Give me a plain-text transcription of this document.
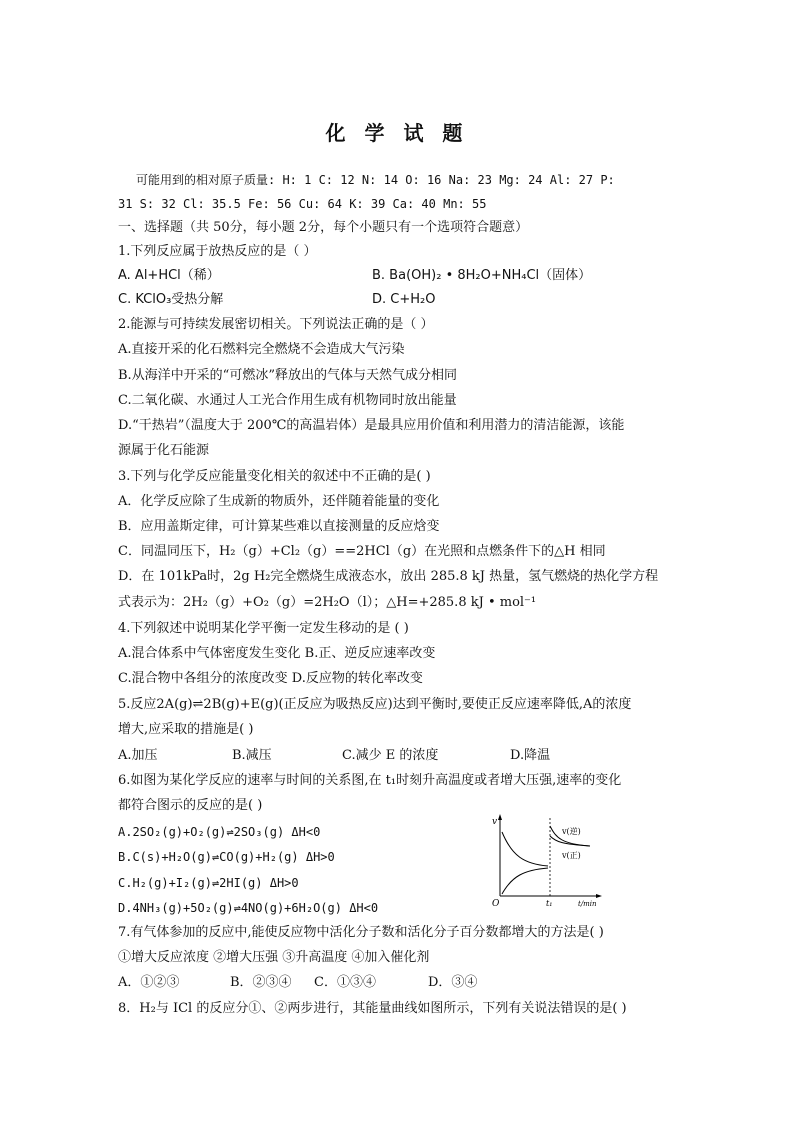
化 学 试 题
可能用到的相对原子质量: H: 1 C: 12 N: 14 O: 16 Na: 23 Mg: 24 Al: 27 P:
31 S: 32 Cl: 35.5 Fe: 56 Cu: 64 K: 39 Ca: 40 Mn: 55
一、选择题（共 50分，每小题 2分，每个小题只有一个选项符合题意）
1.下列反应属于放热反应的是（ ）
A. Al+HCl（稀）	B. Ba(OH)₂ • 8H₂O+NH₄Cl（固体）
C. KClO₃受热分解	D. C+H₂O
2.能源与可持续发展密切相关。下列说法正确的是（ ）
A.直接开采的化石燃料完全燃烧不会造成大气污染
B.从海洋中开采的“可燃冰”释放出的气体与天然气成分相同
C.二氧化碳、水通过人工光合作用生成有机物同时放出能量
D.“干热岩”（温度大于 200℃的高温岩体）是最具应用价值和利用潜力的清洁能源，该能
源属于化石能源
3.下列与化学反应能量变化相关的叙述中不正确的是( )
A．化学反应除了生成新的物质外，还伴随着能量的变化
B．应用盖斯定律，可计算某些难以直接测量的反应焓变
C．同温同压下，H₂（g）+Cl₂（g）==2HCl（g）在光照和点燃条件下的△H 相同
D．在 101kPa时，2g H₂完全燃烧生成液态水，放出 285.8 kJ 热量，氢气燃烧的热化学方程
式表示为：2H₂（g）+O₂（g）=2H₂O（l）；△H=+285.8 kJ • mol⁻¹
4.下列叙述中说明某化学平衡一定发生移动的是 ( )
A.混合体系中气体密度发生变化 B.正、逆反应速率改变
C.混合物中各组分的浓度改变 D.反应物的转化率改变
5.反应2A(g)⇌2B(g)+E(g)(正反应为吸热反应)达到平衡时,要使正反应速率降低,A的浓度
增大,应采取的措施是( )
A.加压	B.减压	C.减少 E 的浓度	D.降温
6.如图为某化学反应的速率与时间的关系图,在 t₁时刻升高温度或者增大压强,速率的变化
都符合图示的反应的是( )
A.2SO₂(g)+O₂(g)⇌2SO₃(g) ΔH<0
B.C(s)+H₂O(g)⇌CO(g)+H₂(g) ΔH>0
C.H₂(g)+I₂(g)⇌2HI(g) ΔH>0
D.4NH₃(g)+5O₂(g)⇌4NO(g)+6H₂O(g) ΔH<0
v
v(逆)
v(正)
O	t₁	t/min
7.有气体参加的反应中,能使反应物中活化分子数和活化分子百分数都增大的方法是( )
①增大反应浓度 ②增大压强 ③升高温度 ④加入催化剂
A．①②③	B．②③④ C．①③④	D．③④
8．H₂与 ICl 的反应分①、②两步进行，其能量曲线如图所示，下列有关说法错误的是( )
